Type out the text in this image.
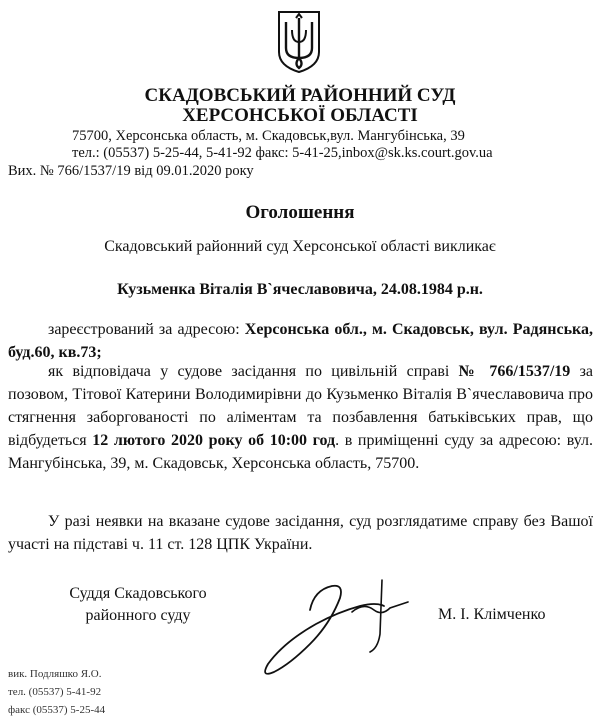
СКАДОВСЬКИЙ РАЙОННИЙ СУД
ХЕРСОНСЬКОЇ ОБЛАСТІ
75700, Херсонська область, м. Скадовськ,вул. Мангубінська, 39
тел.: (05537) 5-25-44, 5-41-92 факс: 5-41-25,inbox@sk.ks.court.gov.ua
Вих. № 766/1537/19 від 09.01.2020 року
Оголошення
Скадовський районний суд Херсонської області викликає
Кузьменка Віталія В`ячеславовича, 24.08.1984 р.н.
зареєстрований за адресою: Херсонська обл., м. Скадовськ, вул. Радянська, буд.60, кв.73;
як відповідача у судове засідання по цивільній справі № 766/1537/19 за позовом, Тітової Катерини Володимирівни до Кузьменко Віталія В`ячеславовича про стягнення заборгованості по аліментам та позбавлення батьківських прав, що відбудеться 12 лютого 2020 року об 10:00 год. в приміщенні суду за адресою: вул. Мангубінська, 39, м. Скадовськ, Херсонська область, 75700.
У разі неявки на вказане судове засідання, суд розглядатиме справу без Вашої участі на підставі ч. 11 ст. 128 ЦПК України.
Суддя Скадовського
районного суду	М. І. Клімченко
вик. Подляшко Я.О.
тел. (05537) 5-41-92
факс (05537) 5-25-44
